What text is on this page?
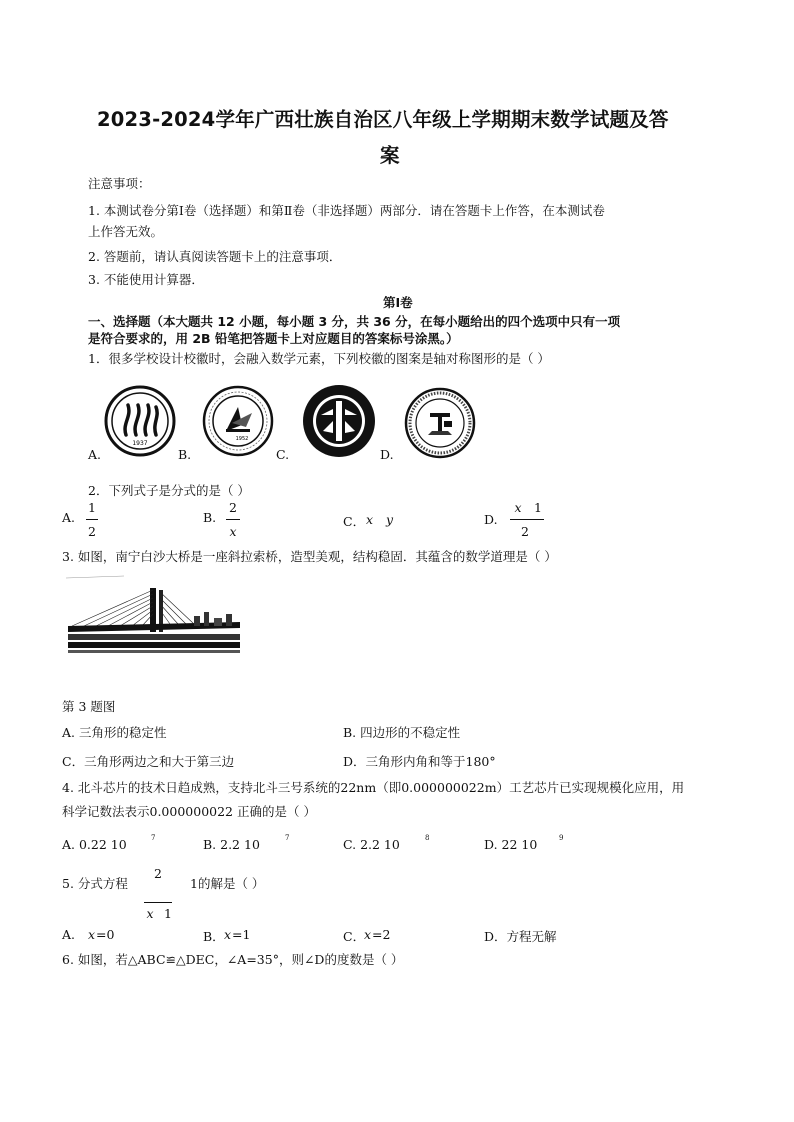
2023-2024学年广西壮族自治区八年级上学期期末数学试题及答
案
注意事项：
1. 本测试卷分第Ⅰ卷（选择题）和第Ⅱ卷（非选择题）两部分．请在答题卡上作答，在本测试卷
上作答无效。
2. 答题前，请认真阅读答题卡上的注意事项．
3. 不能使用计算器．
第Ⅰ卷
一、选择题（本大题共 12 小题，每小题 3 分，共 36 分，在每小题给出的四个选项中只有一项
是符合要求的，用 2B 铅笔把答题卡上对应题目的答案标号涂黑。）
1．很多学校设计校徽时，会融入数学元素，下列校徽的图案是轴对称图形的是（ ）
1937
1952
A.	B.	C.	D.
2．下列式子是分式的是（ ）
A.
1
2
B.
2
x
C． x y	D.
x 1
2
3. 如图，南宁白沙大桥是一座斜拉索桥，造型美观，结构稳固．其蕴含的数学道理是（ ）
第 3 题图
A. 三角形的稳定性	B. 四边形的不稳定性
C．三角形两边之和大于第三边	D．三角形内角和等于180°
4. 北斗芯片的技术日趋成熟，支持北斗三号系统的22nm（即0.000000022m）工艺芯片已实现规模化应用，用
科学记数法表示0.000000022 正确的是（ ）
A. 0.22 10	7	B. 2.2 10	7	C. 2.2 10	8	D. 22 10	9
5. 分式方程
2
x 1
1的解是（ ）
A. x =0	B． x =1	C．
x =2	D．方程无解
6. 如图，若△ABC≌△DEC，∠A=35°，则∠D的度数是（ ）
